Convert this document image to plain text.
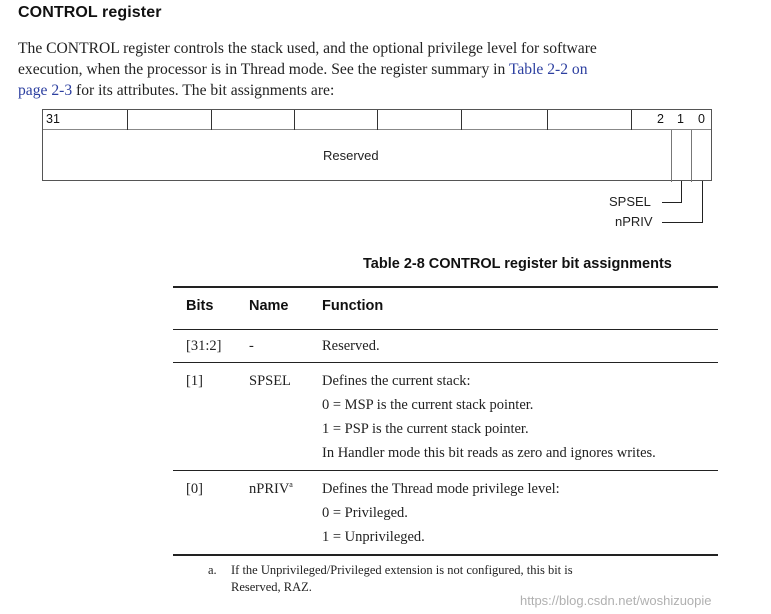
CONTROL register
The CONTROL register controls the stack used, and the optional privilege level for software
execution, when the processor is in Thread mode. See the register summary in Table 2-2 on
page 2-3 for its attributes. The bit assignments are:
31	2 1 0
Reserved
SPSEL
nPRIV
Table 2-8 CONTROL register bit assignments
Bits Name Function
[31:2] -	Reserved.
[1]	SPSEL Defines the current stack:
0 = MSP is the current stack pointer.
1 = PSP is the current stack pointer.
In Handler mode this bit reads as zero and ignores writes.
[0]	nPRIV$^a$ Defines the Thread mode privilege level:
0 = Privileged.
1 = Unprivileged.
a. If the Unprivileged/Privileged extension is not configured, this bit is
Reserved, RAZ.
https://blog.csdn.net/woshizuopie
